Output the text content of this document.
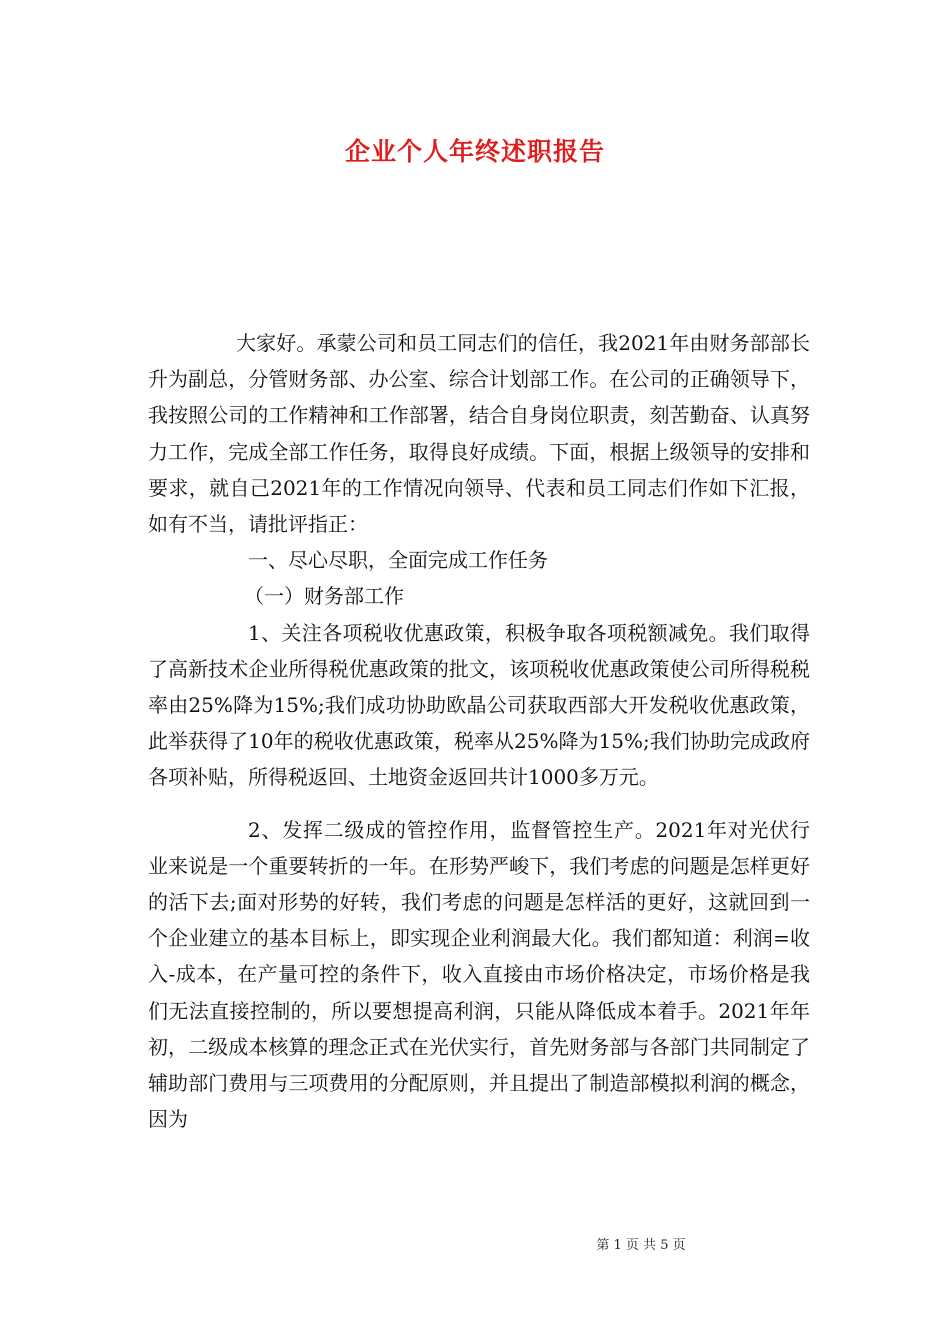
企业个人年终述职报告

大家好。承蒙公司和员工同志们的信任，我2021年由财务部部长升为副总，分管财务部、办公室、综合计划部工作。在公司的正确领导下，我按照公司的工作精神和工作部署，结合自身岗位职责，刻苦勤奋、认真努力工作，完成全部工作任务，取得良好成绩。下面，根据上级领导的安排和要求，就自己2021年的工作情况向领导、代表和员工同志们作如下汇报，如有不当，请批评指正：

一、尽心尽职，全面完成工作任务

（一）财务部工作

1、关注各项税收优惠政策，积极争取各项税额减免。我们取得了高新技术企业所得税优惠政策的批文，该项税收优惠政策使公司所得税税率由25%降为15%;我们成功协助欧晶公司获取西部大开发税收优惠政策，此举获得了10年的税收优惠政策，税率从25%降为15%;我们协助完成政府各项补贴，所得税返回、土地资金返回共计1000多万元。

2、发挥二级成的管控作用，监督管控生产。2021年对光伏行业来说是一个重要转折的一年。在形势严峻下，我们考虑的问题是怎样更好的活下去;面对形势的好转，我们考虑的问题是怎样活的更好，这就回到一个企业建立的基本目标上，即实现企业利润最大化。我们都知道：利润=收入-成本，在产量可控的条件下，收入直接由市场价格决定，市场价格是我们无法直接控制的，所以要想提高利润，只能从降低成本着手。2021年年初，二级成本核算的理念正式在光伏实行，首先财务部与各部门共同制定了辅助部门费用与三项费用的分配原则，并且提出了制造部模拟利润的概念，因为

第 1 页 共 5 页
